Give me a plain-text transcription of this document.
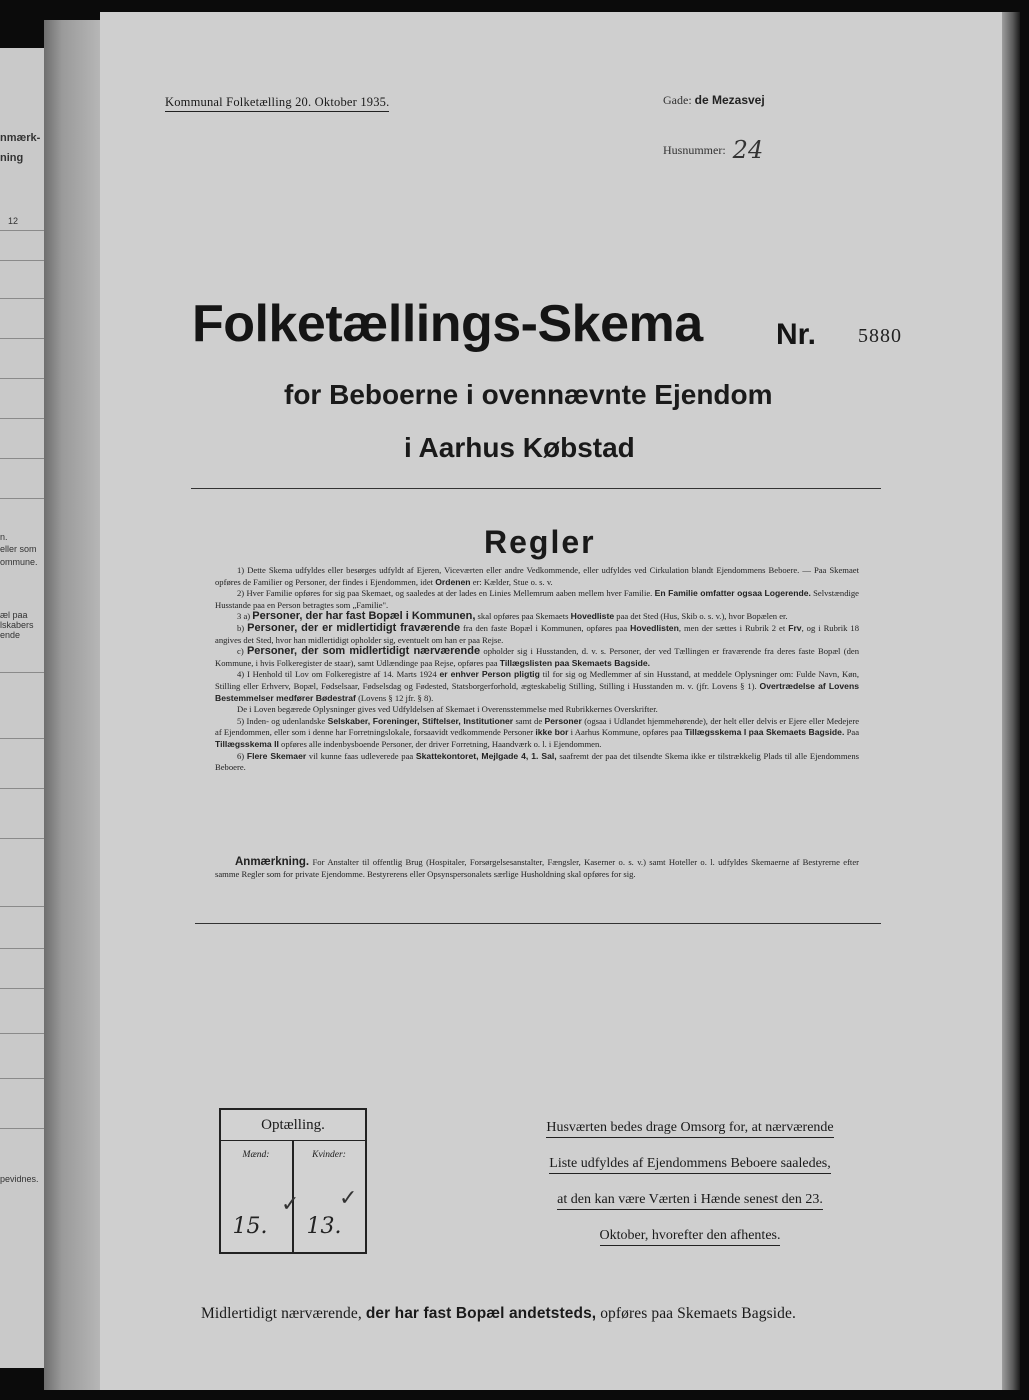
nmærk-
ning
12
n.
eller som
ommune.
æl paa
lskabers
ende
pevidnes.
Kommunal Folketælling 20. Oktober 1935.	Gade: de Mezasvej
Husnummer: 24
Folketællings-Skema Nr. 5880
for Beboerne i ovennævnte Ejendom
i Aarhus Købstad
Regler

1) Dette Skema udfyldes eller besørges udfyldt af Ejeren, Viceværten eller andre Vedkommende, eller udfyldes ved Cirkulation blandt Ejendommens Beboere. — Paa Skemaet opføres de Familier og Personer, der findes i Ejendommen, idet Ordenen er: Kælder, Stue o. s. v.

2) Hver Familie opføres for sig paa Skemaet, og saaledes at der lades en Linies Mellemrum aaben mellem hver Familie. En Familie omfatter ogsaa Logerende. Selvstændige Husstande paa en Person betragtes som „Familie".

3 a) Personer, der har fast Bopæl i Kommunen, skal opføres paa Skemaets Hovedliste paa det Sted (Hus, Skib o. s. v.), hvor Bopælen er.

b) Personer, der er midlertidigt fraværende fra den faste Bopæl i Kommunen, opføres paa Hovedlisten, men der sættes i Rubrik 2 et Frv, og i Rubrik 18 angives det Sted, hvor han midlertidigt opholder sig, eventuelt om han er paa Rejse.

c) Personer, der som midlertidigt nærværende opholder sig i Husstanden, d. v. s. Personer, der ved Tællingen er fraværende fra deres faste Bopæl (den Kommune, i hvis Folkeregister de staar), samt Udlændinge paa Rejse, opføres paa Tillægslisten paa Skemaets Bagside.

4) I Henhold til Lov om Folkeregistre af 14. Marts 1924 er enhver Person pligtig til for sig og Medlemmer af sin Husstand, at meddele Oplysninger om: Fulde Navn, Køn, Stilling eller Erhverv, Bopæl, Fødselsaar, Fødselsdag og Fødested, Statsborgerforhold, ægteskabelig Stilling, Stilling i Husstanden m. v. (jfr. Lovens § 1). Overtrædelse af Lovens Bestemmelser medfører Bødestraf (Lovens § 12 jfr. § 8).

De i Loven begærede Oplysninger gives ved Udfyldelsen af Skemaet i Overensstemmelse med Rubrikkernes Overskrifter.

5) Inden- og udenlandske Selskaber, Foreninger, Stiftelser, Institutioner samt de Personer (ogsaa i Udlandet hjemmehørende), der helt eller delvis er Ejere eller Medejere af Ejendommen, eller som i denne har Forretningslokale, forsaavidt vedkommende Personer ikke bor i Aarhus Kommune, opføres paa Tillægsskema I paa Skemaets Bagside. Paa Tillægsskema II opføres alle indenbysboende Personer, der driver Forretning, Haandværk o. l. i Ejendommen.

6) Flere Skemaer vil kunne faas udleverede paa Skattekontoret, Mejlgade 4, 1. Sal, saafremt der paa det tilsendte Skema ikke er tilstrækkelig Plads til alle Ejendommens Beboere.

Anmærkning. For Anstalter til offentlig Brug (Hospitaler, Forsørgelsesanstalter, Fængsler, Kaserner o. s. v.) samt Hoteller o. l. udfyldes Skemaerne af Bestyrerne efter samme Regler som for private Ejendomme. Bestyrerens eller Opsynspersonalets særlige Husholdning skal opføres for sig.
Optælling.
Mænd:	Kvinder:
15.	13.
✓ ✓
Husværten bedes drage Omsorg for, at nærværende
Liste udfyldes af Ejendommens Beboere saaledes,
at den kan være Værten i Hænde senest den 23.
Oktober, hvorefter den afhentes.
Midlertidigt nærværende, der har fast Bopæl andetsteds, opføres paa Skemaets Bagside.
